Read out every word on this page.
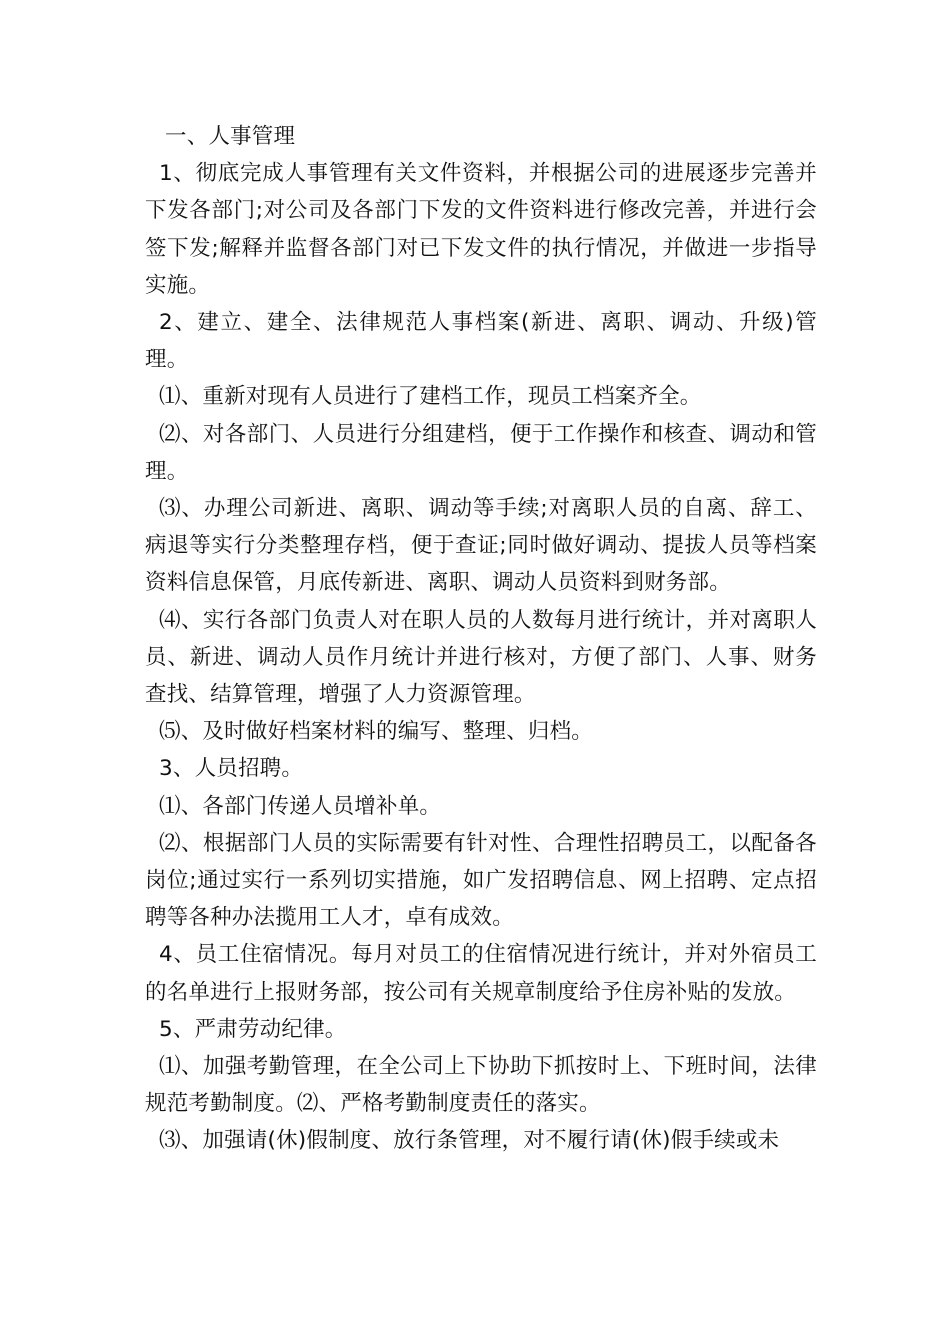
一、人事管理

1、彻底完成人事管理有关文件资料，并根据公司的进展逐步完善并下发各部门;对公司及各部门下发的文件资料进行修改完善，并进行会签下发;解释并监督各部门对已下发文件的执行情况，并做进一步指导实施。

2、建立、建全、法律规范人事档案(新进、离职、调动、升级)管理。

⑴、重新对现有人员进行了建档工作，现员工档案齐全。

⑵、对各部门、人员进行分组建档，便于工作操作和核查、调动和管理。

⑶、办理公司新进、离职、调动等手续;对离职人员的自离、辞工、病退等实行分类整理存档，便于查证;同时做好调动、提拔人员等档案资料信息保管，月底传新进、离职、调动人员资料到财务部。

⑷、实行各部门负责人对在职人员的人数每月进行统计，并对离职人员、新进、调动人员作月统计并进行核对，方便了部门、人事、财务查找、结算管理，增强了人力资源管理。

⑸、及时做好档案材料的编写、整理、归档。

3、人员招聘。

⑴、各部门传递人员增补单。

⑵、根据部门人员的实际需要有针对性、合理性招聘员工，以配备各岗位;通过实行一系列切实措施，如广发招聘信息、网上招聘、定点招聘等各种办法揽用工人才，卓有成效。

4、员工住宿情况。每月对员工的住宿情况进行统计，并对外宿员工的名单进行上报财务部，按公司有关规章制度给予住房补贴的发放。

5、严肃劳动纪律。

⑴、加强考勤管理，在全公司上下协助下抓按时上、下班时间，法律规范考勤制度。⑵、严格考勤制度责任的落实。

⑶、加强请(休)假制度、放行条管理，对不履行请(休)假手续或未
